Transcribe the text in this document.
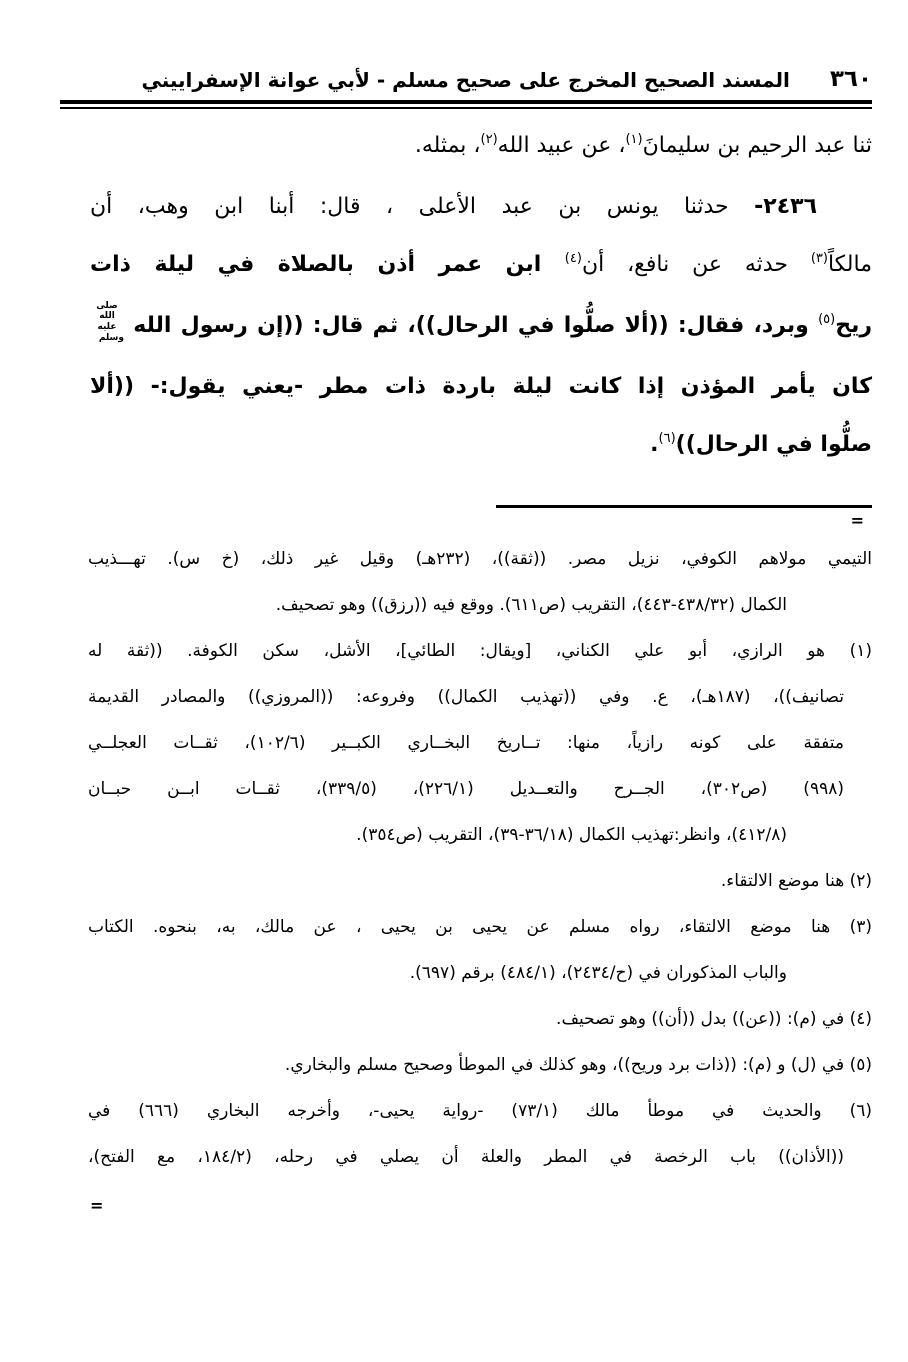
٣٦٠
المسند الصحيح المخرج على صحيح مسلم - لأبي عوانة الإسفراييني
ثنا عبد الرحيم بن سليمانَ$^{(١)}$، عن عبيد الله$^{(٢)}$، بمثله.
٢٤٣٦- حدثنا يونس بن عبد الأعلى ، قال: أبنا ابن وهب، أن
مالكاً$^{(٣)}$ حدثه عن نافع، أن$^{(٤)}$ ابن عمر أذن بالصلاة في ليلة ذات
ريح$^{(٥)}$ وبرد، فقال: ((ألا صلُّوا في الرحال))، ثم قال: ((إن رسول الله صلى الله عليه وسلم
كان يأمر المؤذن إذا كانت ليلة باردة ذات مطر -يعني يقول:- ((ألا
صلُّوا في الرحال))$^{(٦)}$.
=
التيمي مولاهم الكوفي، نزيل مصر. ((ثقة))، (٢٣٢هـ) وقيل غير ذلك، (خ س). تهـــذيب
الكمال (٤٤٣‎-‎٤٣٨/٣٢)، التقريب (ص٦١١). ووقع فيه ((رزق)) وهو تصحيف.
(١) هو الرازي، أبو علي الكناني، [ويقال: الطائي]، الأشل، سكن الكوفة. ((ثقة له
تصانيف))، (١٨٧هـ)، ع. وفي ((تهذيب الكمال)) وفروعه: ((المروزي)) والمصادر القديمة
متفقة على كونه رازياً، منها: تــاريخ البخــاري الكبــير (١٠٢/٦)، ثقــات العجلــي
(٩٩٨) (ص٣٠٢)، الجــرح والتعــديل (٢٢٦/١)، (٣٣٩/٥)، ثقــات ابــن حبــان
(٤١٢/٨)، وانظر:تهذيب الكمال (٣٩‎-‎٣٦/١٨)، التقريب (ص٣٥٤).
(٢) هنا موضع الالتقاء.
(٣) هنا موضع الالتقاء، رواه مسلم عن يحيى بن يحيى ، عن مالك، به، بنحوه. الكتاب
والباب المذكوران في (ح/٢٤٣٤)، (٤٨٤/١) برقم (٦٩٧).
(٤) في (م): ((عن)) بدل ((أن)) وهو تصحيف.
(٥) في (ل) و (م): ((ذات برد وريح))، وهو كذلك في الموطأ وصحيح مسلم والبخاري.
(٦) والحديث في موطأ مالك (٧٣/١) -رواية يحيى-، وأخرجه البخاري (٦٦٦) في
((الأذان)) باب الرخصة في المطر والعلة أن يصلي في رحله، (١٨٤/٢، مع الفتح)،
=
